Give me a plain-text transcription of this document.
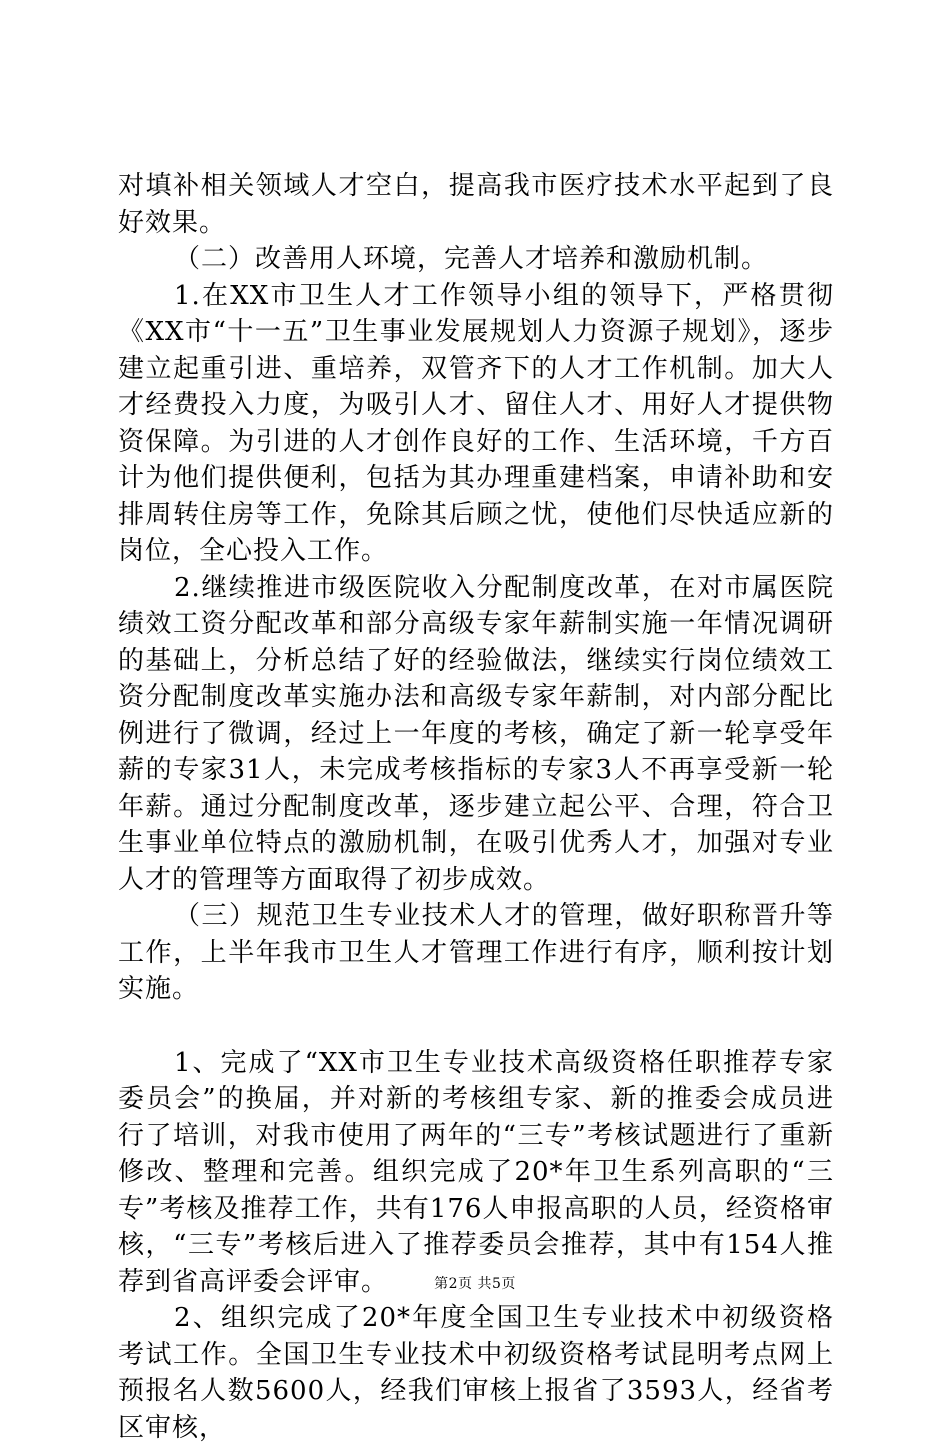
对填补相关领域人才空白，提高我市医疗技术水平起到了良好效果。

（二）改善用人环境，完善人才培养和激励机制。

1.在XX市卫生人才工作领导小组的领导下，严格贯彻《XX市“十一五”卫生事业发展规划人力资源子规划》，逐步建立起重引进、重培养，双管齐下的人才工作机制。加大人才经费投入力度，为吸引人才、留住人才、用好人才提供物资保障。为引进的人才创作良好的工作、生活环境，千方百计为他们提供便利，包括为其办理重建档案，申请补助和安排周转住房等工作，免除其后顾之忧，使他们尽快适应新的岗位，全心投入工作。

2.继续推进市级医院收入分配制度改革，在对市属医院绩效工资分配改革和部分高级专家年薪制实施一年情况调研的基础上，分析总结了好的经验做法，继续实行岗位绩效工资分配制度改革实施办法和高级专家年薪制，对内部分配比例进行了微调，经过上一年度的考核，确定了新一轮享受年薪的专家31人，未完成考核指标的专家3人不再享受新一轮年薪。通过分配制度改革，逐步建立起公平、合理，符合卫生事业单位特点的激励机制，在吸引优秀人才，加强对专业人才的管理等方面取得了初步成效。

（三）规范卫生专业技术人才的管理，做好职称晋升等工作，上半年我市卫生人才管理工作进行有序，顺利按计划实施。

1、完成了“XX市卫生专业技术高级资格任职推荐专家委员会”的换届，并对新的考核组专家、新的推委会成员进行了培训，对我市使用了两年的“三专”考核试题进行了重新修改、整理和完善。组织完成了20*年卫生系列高职的“三专”考核及推荐工作，共有176人申报高职的人员，经资格审核，“三专”考核后进入了推荐委员会推荐，其中有154人推荐到省高评委会评审。

2、组织完成了20*年度全国卫生专业技术中初级资格考试工作。全国卫生专业技术中初级资格考试昆明考点网上预报名人数5600人，经我们审核上报省了3593人，经省考区审核，

第2页 共5页
